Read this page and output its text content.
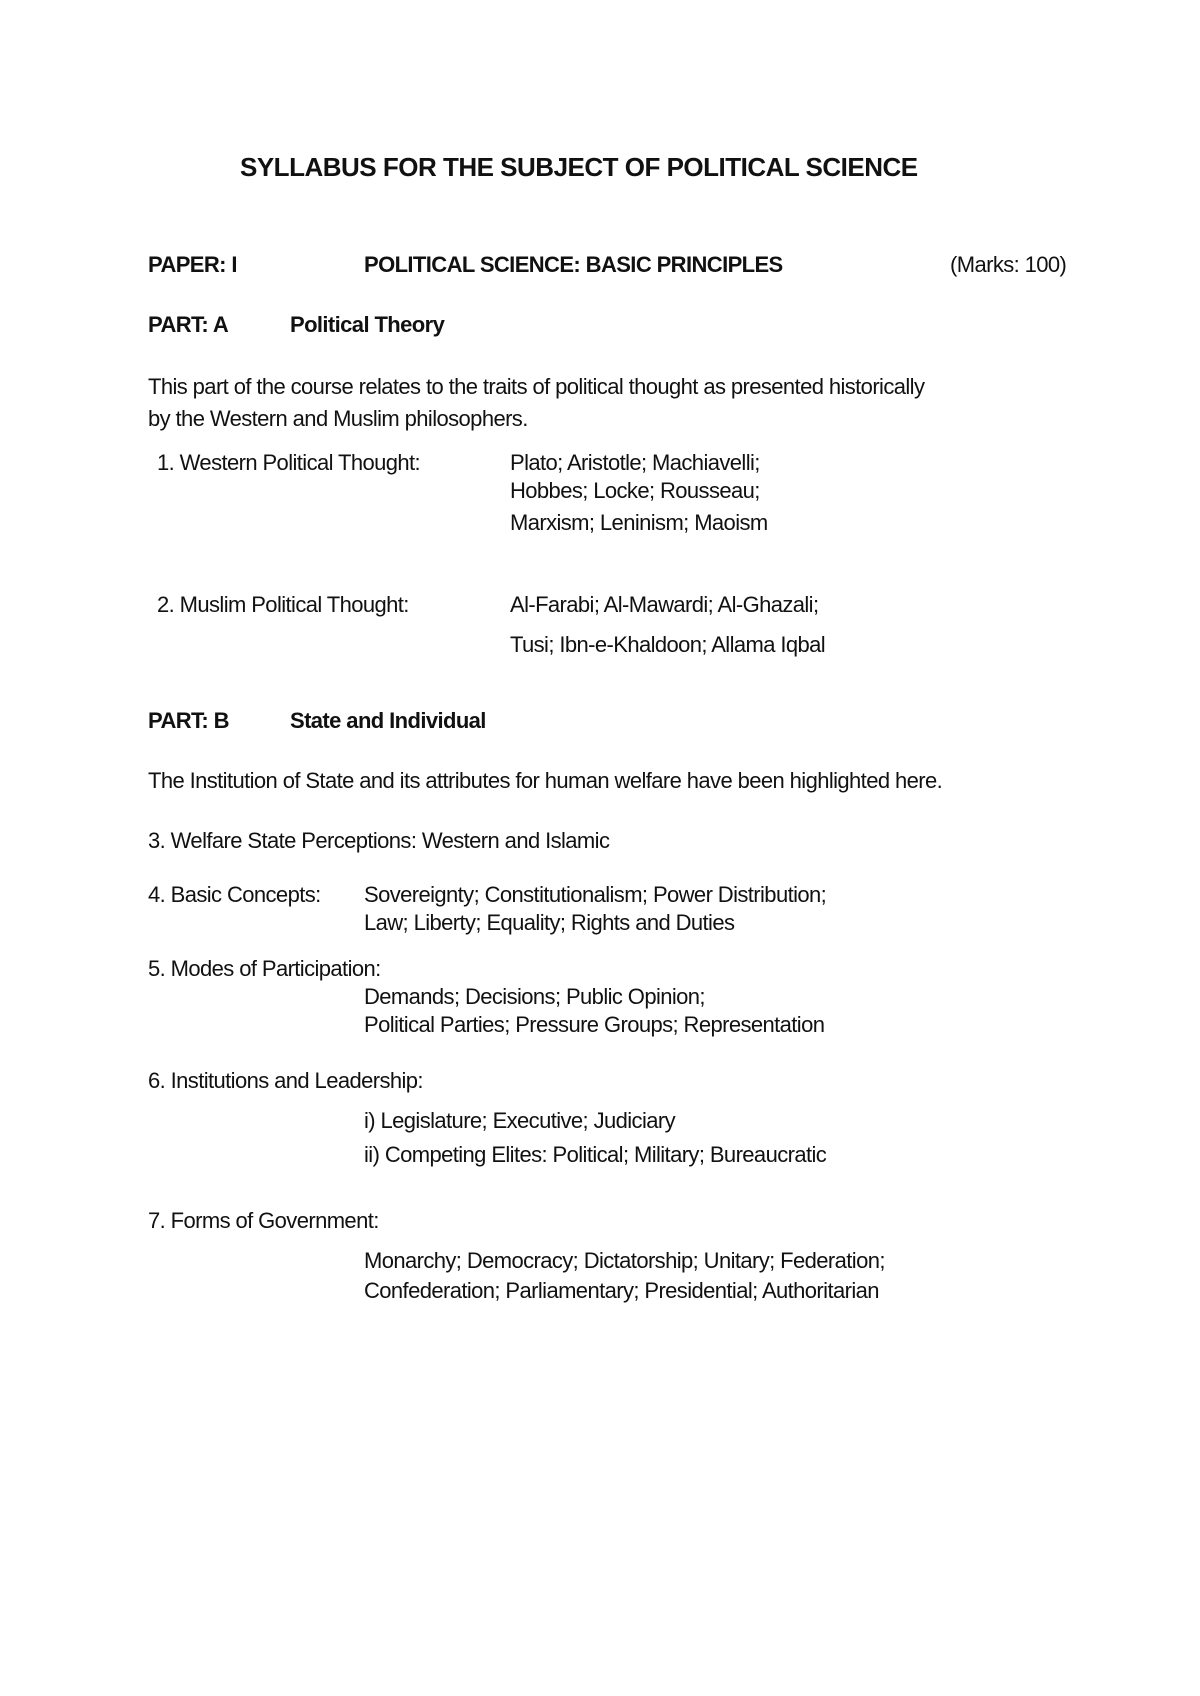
SYLLABUS FOR THE SUBJECT OF POLITICAL SCIENCE
PAPER: I	POLITICAL SCIENCE: BASIC PRINCIPLES	(Marks: 100)
PART: A	Political Theory
This part of the course relates to the traits of political thought as presented historically
by the Western and Muslim philosophers.
1. Western Political Thought:	Plato; Aristotle; Machiavelli;
Hobbes; Locke; Rousseau;
Marxism; Leninism; Maoism
2. Muslim Political Thought:	Al-Farabi; Al-Mawardi; Al-Ghazali;
Tusi; Ibn-e-Khaldoon; Allama Iqbal
PART: B	State and Individual
The Institution of State and its attributes for human welfare have been highlighted here.
3. Welfare State Perceptions: Western and Islamic
4. Basic Concepts: Sovereignty; Constitutionalism; Power Distribution;
Law; Liberty; Equality; Rights and Duties
5. Modes of Participation:
Demands; Decisions; Public Opinion;
Political Parties; Pressure Groups; Representation
6. Institutions and Leadership:
i) Legislature; Executive; Judiciary
ii) Competing Elites: Political; Military; Bureaucratic
7. Forms of Government:
Monarchy; Democracy; Dictatorship; Unitary; Federation;
Confederation; Parliamentary; Presidential; Authoritarian
